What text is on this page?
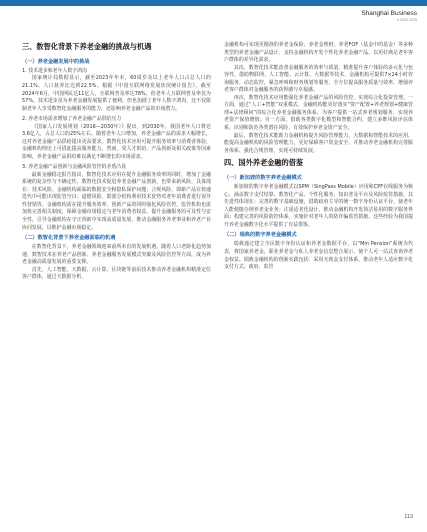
Shanghai Business
5 2024 2025
三、数智化背景下养老金融的挑战与机遇
（一）养老金融发展中的挑战
1. 技术进步和老年人数字鸿沟

国家统计局数据显示，截至2023年年末，60周岁及以上老年人口占总人口的21.1%，人口抚养比达到22.5%。根据《中国互联网络发展状况统计报告》，截至2024年6月，中国网民达11亿人，互联网普及率达78%，但老年人互联网普及率仅为57%。技术进步虽为养老金融发展提供了便利，但也加剧了老年人数字鸿沟，这不仅限制老年人享受数智化金融服务的能力，还影响养老金融产品的市场潜力。

2. 养老市场需求增加了养老金融产品供给压力

《国家人口发展规划（2016—2030年）》提出，到2030年，我国老年人口将达3.6亿人，占总人口的25%左右。随着老年人口增加，养老金融产品的需求大幅增长，这对养老金融产品供给提出更高要求。数智化技术应用可提升服务效率与消费者体验，金融机构理论上可借此提高服务能力，然而，受人才供给、产品创新及相关政策等因素影响，养老金融产品供给难以满足不断增长的市场需求。

3. 养老金融产品创新与金融风险管控的矛盾凸显

最新金融稳定报告指出，数智化技术应用在提升金融服务效率的同时，增加了金融系统的复杂性与不确定性，数智化技术促进养老金融产品创新，也带来新风险，具体现在：技术风险、金融机构面临的数据安全和隐私保护问题；合规风险，即新产品在快速迭代中可能出现监管空白；道德风险，即部分机构利用技术优势对老年消费者进行误导性营销等。金融机构需在提升服务效率、创新产品的同时强化风险管控，监管机构也需加快完善相关制度，保障金融市场稳定与老年消费者权益，提升金融服务的可及性与安全性，引导金融机构在守正创新中实现高质量发展，推动金融服务养老事业和养老产业协同发展，以维护金融市场稳定。

（二）数智化背景下养老金融面临的机遇

在数智化背景下，养老金融领域迎来前所未有的发展机遇。随着人口老龄化趋势加速，数智技术在养老产品创新、养老金融服务发展模式突破及风险管控等方面，成为养老金融高质量发展的重要支撑。

首先，人工智能、大数据、云计算、区块链等前沿技术推动养老金融机构精准定位客户群体，通过大数据分析，

金融机构可实现更精准的养老金保险、养老金理财、养老FOF（基金中的基金）等多种类型的养老金融产品设计，支持金融机构开发个性化养老金融产品，以更好满足老年客户群体的差异化需求。

其次，数智化技术能改善金融服务的效率与质量，精准提升客户体验的多元化与包容性。借助物联网、人工智能、云计算、大数据等技术，金融机构可提供7×24小时咨询服务、动态监控、紧急呼叫和财务规划等服务，全方位提高服务质量与效率，增强养老客户群体对金融服务的获得感与幸福感。

再次，数智化技术应用能强化养老金融产品的风险管控，实现综合化投资管理。一方面，通过“人工+智能”双重模式，金融机构能更好落实“资产配置+养老规划+健康管理+法律顾问”的综合化养老金融服务体系，为客户提供一站式养老规划服务，实现养老资产保值增值；另一方面，借助各类数字化模型和智能合约，建立多维风险评估体系，识别和防范各类潜在风险，有效保护养老金资产安全。

最后，数智化技术能助力金融机构提升风险管理能力，大数据和智能技术的应用，能提高金融机构的风险管理能力，更好保障客户资金安全，并推动养老金融机构完善服务体系、强化合规管理，实现可持续发展。

四、国外养老金融的借鉴
（一）新加坡的数字养老金融模式

新加坡的数字养老金融模式以SPM（SingPass Mobile）应用和CPF在线服务为核心，涵盖数字支付结算、数智化产品、个性化服务、知识普及平台及风险监管措施。其先进性体现在：完善的数字基础设施，借助政府主导的统一数字身份认证平台，使老年人能便捷办理养老金业务；注重适老化设计，推动金融机构开发简洁易用的数字服务界面；构建完善的风险防控体系，实施针对老年人的防诈骗监管措施。这些经验为我国提升养老金融数字化水平提供了有益借鉴。

（二）瑞典的数字养老金融模式

瑞典通过建立全民数字身份认证和养老金数据平台，以“Min Pension”系统为代表，将国家养老金、职业养老金与私人养老金信息整合展示，使个人可一站式查询养老金权益。瑞典金融机构的创新实践包括：采用无现金支付体系，推动老年人适应数字化支付方式；政府、监管

113
